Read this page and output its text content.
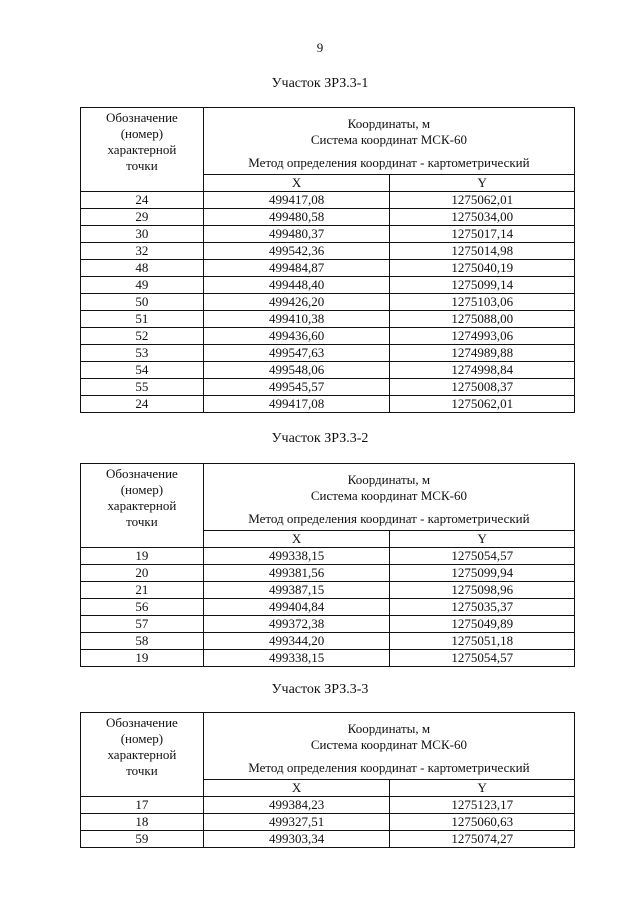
9
Участок ЗРЗ.3-1
Обозначение
(номер)
характерной
точки	Координаты, м
Система координат МСК-60	

	Метод определения координат - картометрический	
	X	Y
24	499417,08	1275062,01
29	499480,58	1275034,00
30	499480,37	1275017,14
32	499542,36	1275014,98
48	499484,87	1275040,19
49	499448,40	1275099,14
50	499426,20	1275103,06
51	499410,38	1275088,00
52	499436,60	1274993,06
53	499547,63	1274989,88
54	499548,06	1274998,84
55	499545,57	1275008,37
24	499417,08	1275062,01
Участок ЗРЗ.3-2
Обозначение
(номер)
характерной
точки	Координаты, м
Система координат МСК-60	

	Метод определения координат - картометрический	
	X	Y
19	499338,15	1275054,57
20	499381,56	1275099,94
21	499387,15	1275098,96
56	499404,84	1275035,37
57	499372,38	1275049,89
58	499344,20	1275051,18
19	499338,15	1275054,57
Участок ЗРЗ.3-3
Обозначение
(номер)
характерной
точки	Координаты, м
Система координат МСК-60	

	Метод определения координат - картометрический	
	X	Y
17	499384,23	1275123,17
18	499327,51	1275060,63
59	499303,34	1275074,27
